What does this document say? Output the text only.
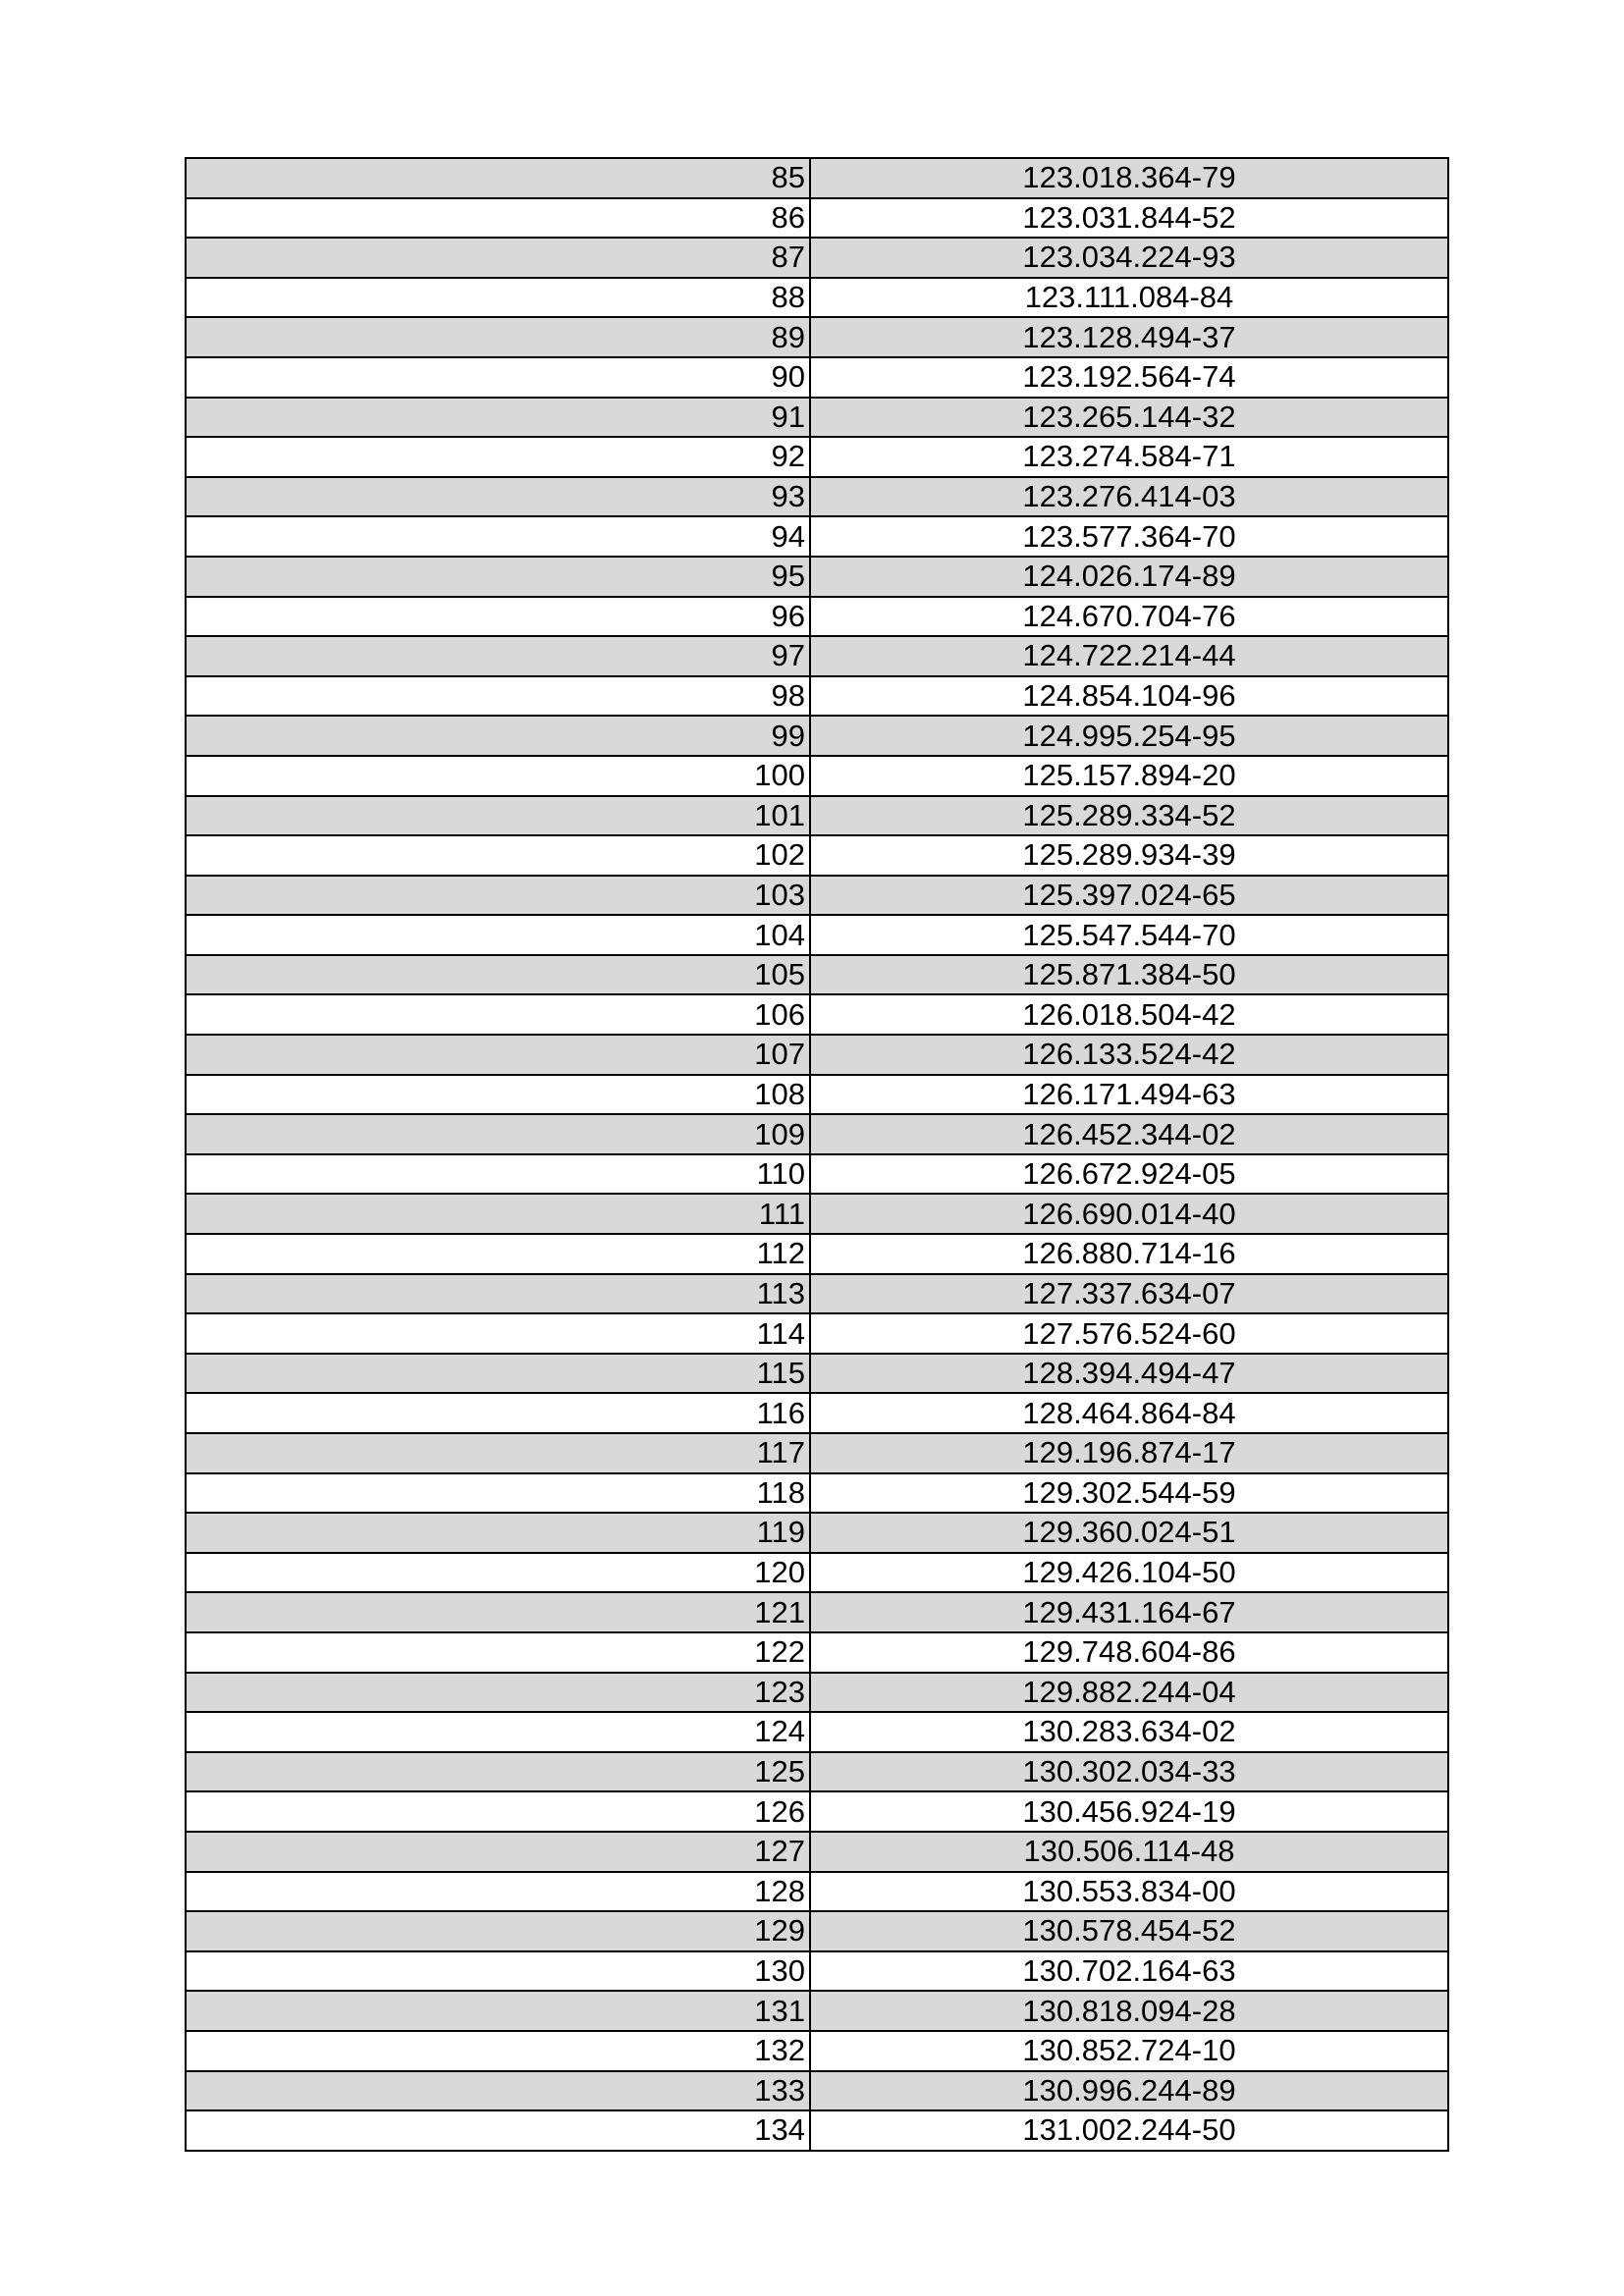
85	123.018.364-79
86	123.031.844-52
87	123.034.224-93
88	123.111.084-84
89	123.128.494-37
90	123.192.564-74
91	123.265.144-32
92	123.274.584-71
93	123.276.414-03
94	123.577.364-70
95	124.026.174-89
96	124.670.704-76
97	124.722.214-44
98	124.854.104-96
99	124.995.254-95
100	125.157.894-20
101	125.289.334-52
102	125.289.934-39
103	125.397.024-65
104	125.547.544-70
105	125.871.384-50
106	126.018.504-42
107	126.133.524-42
108	126.171.494-63
109	126.452.344-02
110	126.672.924-05
111	126.690.014-40
112	126.880.714-16
113	127.337.634-07
114	127.576.524-60
115	128.394.494-47
116	128.464.864-84
117	129.196.874-17
118	129.302.544-59
119	129.360.024-51
120	129.426.104-50
121	129.431.164-67
122	129.748.604-86
123	129.882.244-04
124	130.283.634-02
125	130.302.034-33
126	130.456.924-19
127	130.506.114-48
128	130.553.834-00
129	130.578.454-52
130	130.702.164-63
131	130.818.094-28
132	130.852.724-10
133	130.996.244-89
134	131.002.244-50
